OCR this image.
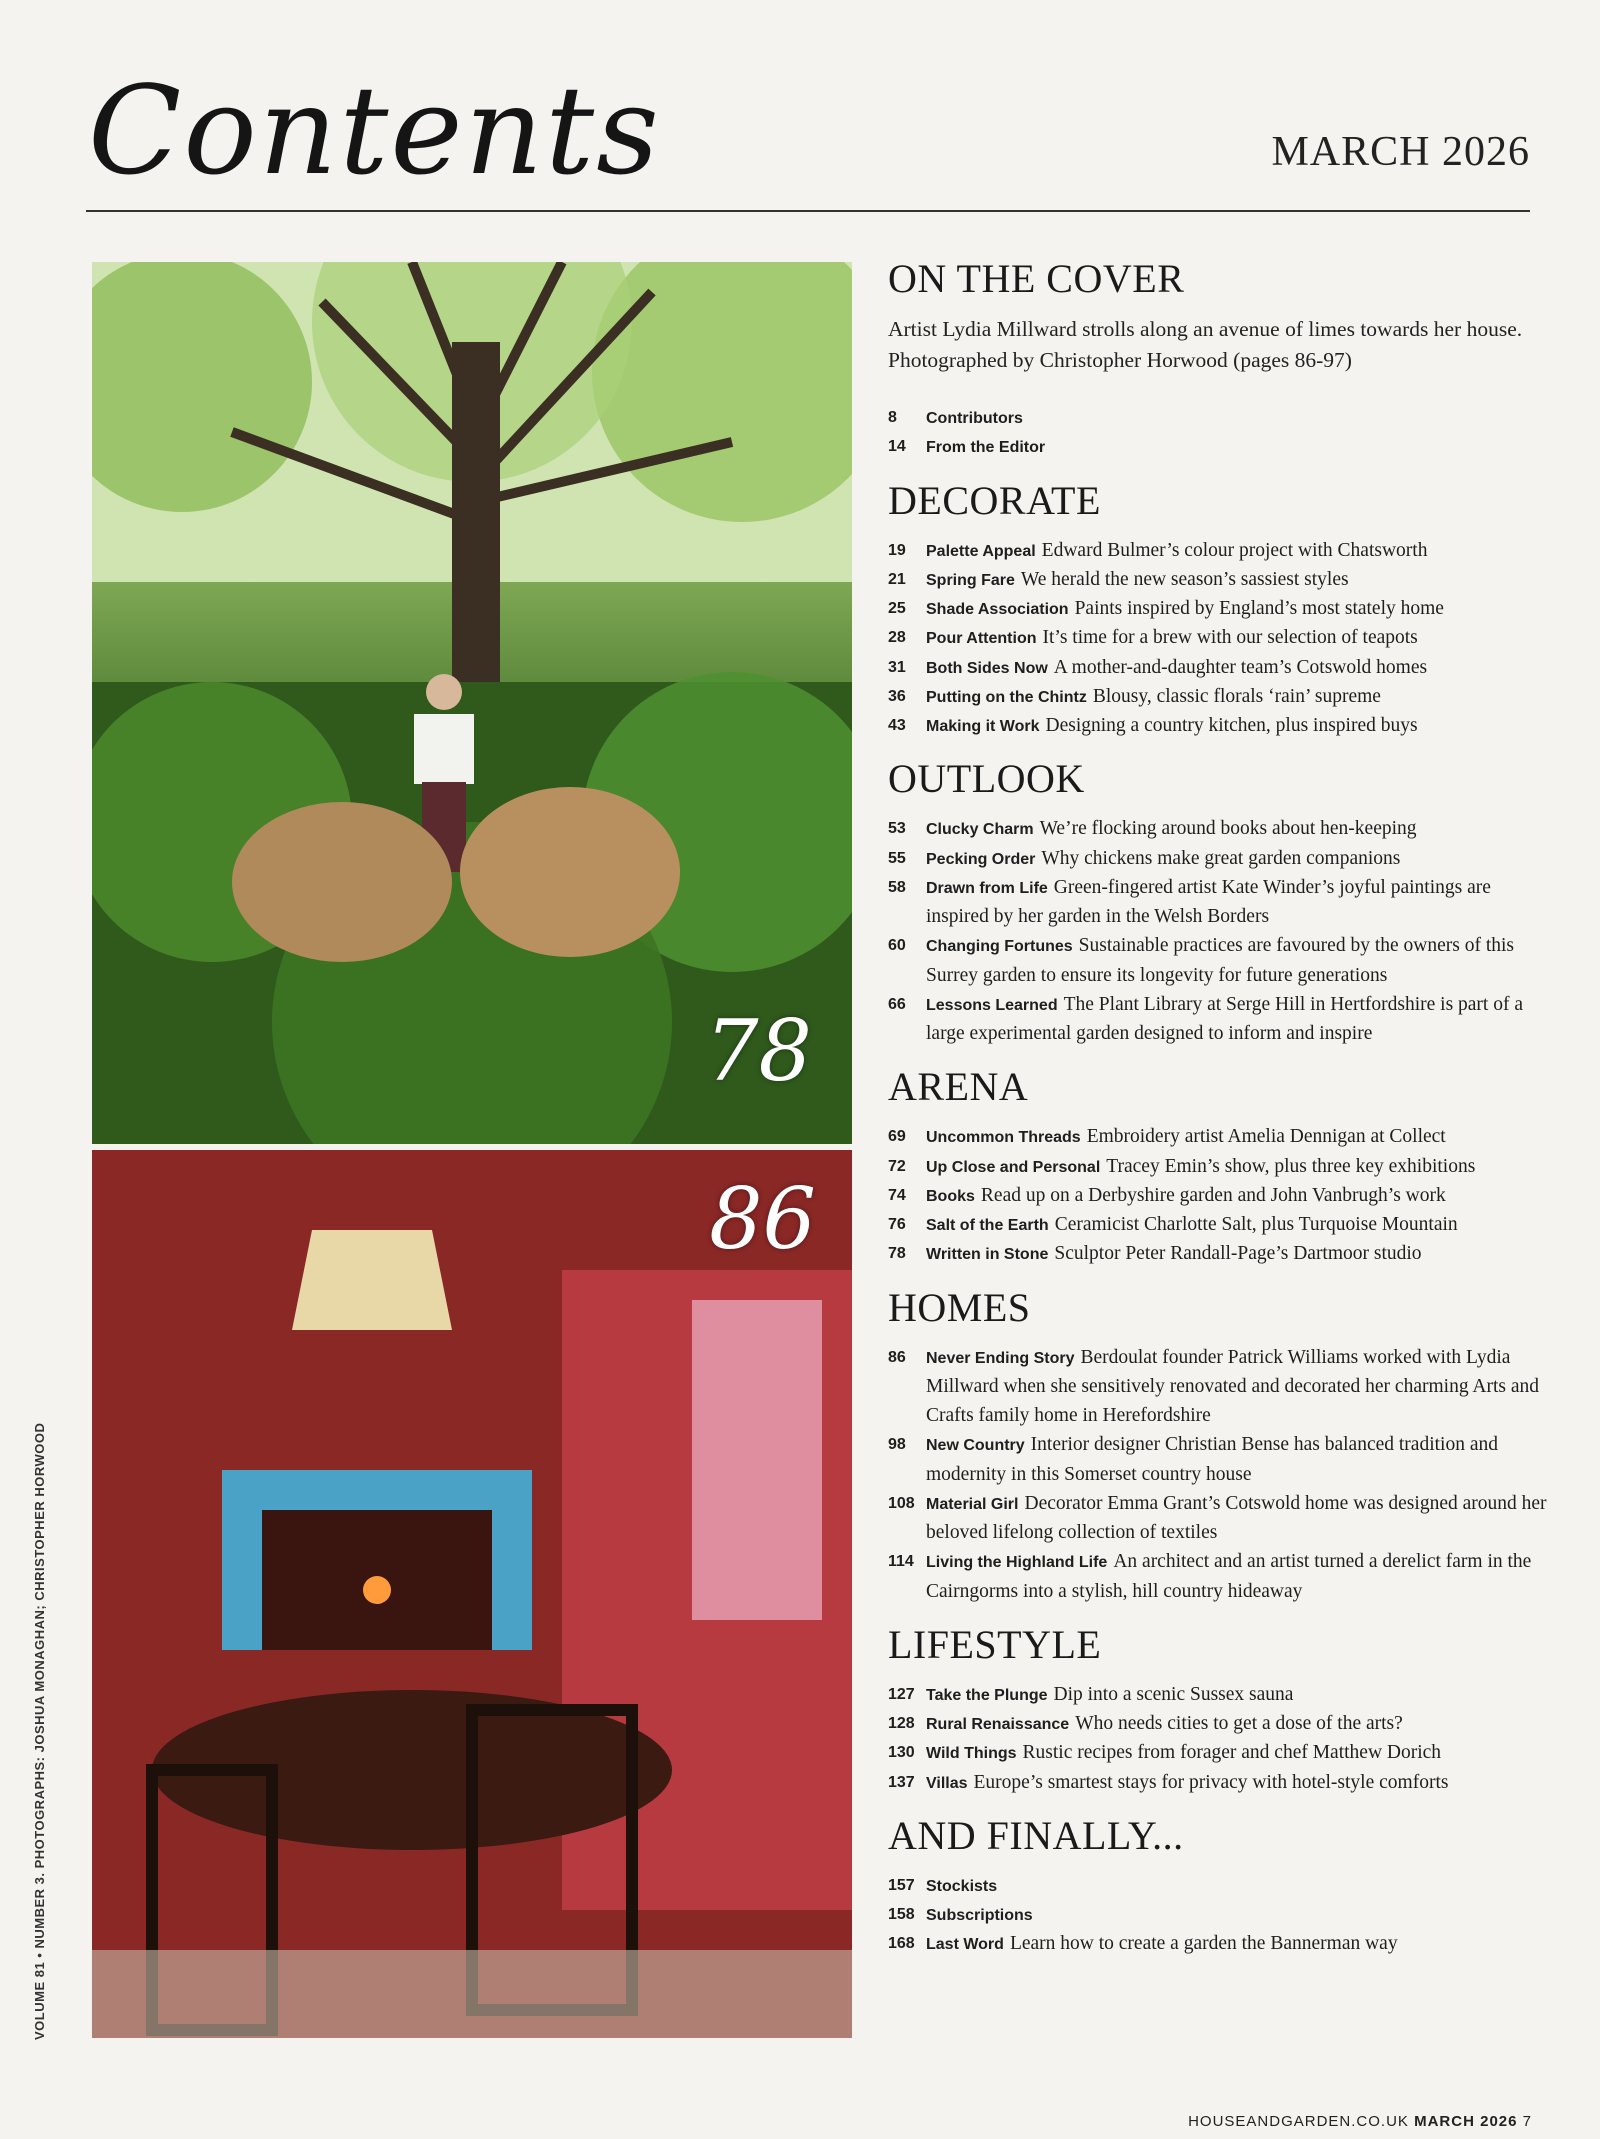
Contents	MARCH 2026
78
86
VOLUME 81 • NUMBER 3. PHOTOGRAPHS: JOSHUA MONAGHAN; CHRISTOPHER HORWOOD
ON THE COVER

Artist Lydia Millward strolls along an avenue of limes towards her house. Photographed by Christopher Horwood (pages 86-97)

8	Contributors
14	From the Editor
DECORATE
19	Palette Appeal Edward Bulmer’s colour project with Chatsworth
21	Spring Fare We herald the new season’s sassiest styles
25	Shade Association Paints inspired by England’s most stately home
28	Pour Attention It’s time for a brew with our selection of teapots
31	Both Sides Now A mother-and-daughter team’s Cotswold homes
36	Putting on the Chintz Blousy, classic florals ‘rain’ supreme
43	Making it Work Designing a country kitchen, plus inspired buys
OUTLOOK
53	Clucky Charm We’re flocking around books about hen-keeping
55	Pecking Order Why chickens make great garden companions
58	Drawn from Life Green-fingered artist Kate Winder’s joyful paintings are inspired by her garden in the Welsh Borders
60	Changing Fortunes Sustainable practices are favoured by the owners of this Surrey garden to ensure its longevity for future generations
66	Lessons Learned The Plant Library at Serge Hill in Hertfordshire is part of a large experimental garden designed to inform and inspire
ARENA
69	Uncommon Threads Embroidery artist Amelia Dennigan at Collect
72	Up Close and Personal Tracey Emin’s show, plus three key exhibitions
74	Books Read up on a Derbyshire garden and John Vanbrugh’s work
76	Salt of the Earth Ceramicist Charlotte Salt, plus Turquoise Mountain
78	Written in Stone Sculptor Peter Randall-Page’s Dartmoor studio
HOMES
86	Never Ending Story Berdoulat founder Patrick Williams worked with Lydia Millward when she sensitively renovated and decorated her charming Arts and Crafts family home in Herefordshire
98	New Country Interior designer Christian Bense has balanced tradition and modernity in this Somerset country house
108 Material Girl Decorator Emma Grant’s Cotswold home was designed around her beloved lifelong collection of textiles
114 Living the Highland Life An architect and an artist turned a derelict farm in the Cairngorms into a stylish, hill country hideaway
LIFESTYLE
127 Take the Plunge Dip into a scenic Sussex sauna
128 Rural Renaissance Who needs cities to get a dose of the arts?
130 Wild Things Rustic recipes from forager and chef Matthew Dorich
137 Villas Europe’s smartest stays for privacy with hotel-style comforts
AND FINALLY...
157 Stockists
158 Subscriptions
168 Last Word Learn how to create a garden the Bannerman way
HOUSEANDGARDEN.CO.UK MARCH 2026 7
